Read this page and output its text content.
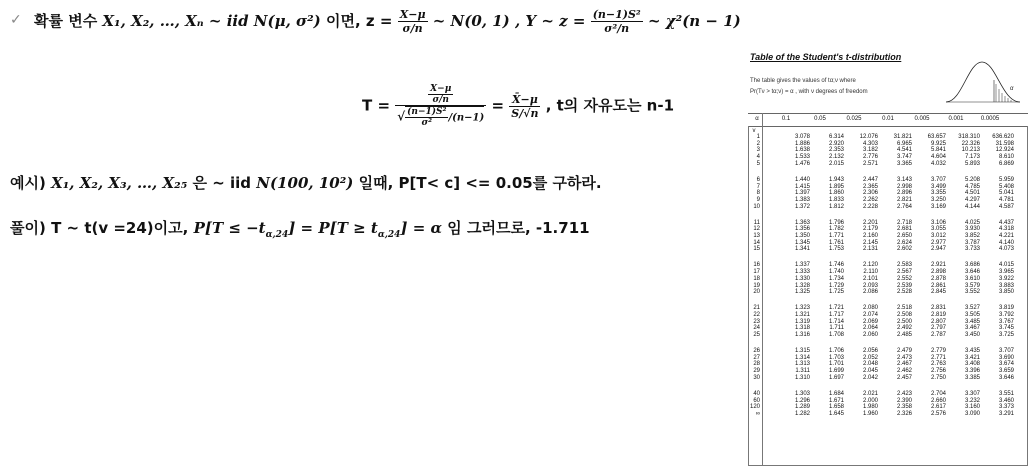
✓ 확률 변수 X₁, X₂, …, Xₙ ~ iid N(μ, σ²) 이면, $z = \frac{X-\mu}{\sigma/n}$ ~ N(0, 1) , Y ~ $z = \frac{\text{(n−1)S²}}{\text{σ²/n}}$ ~ χ²(n − 1)
$T = \frac{\frac{X-\mu}{\sigma/n}}{√ \frac{\text{(n−1)S²}}{\text{σ²}} /(n-1)} = \frac{X̄-\mu}{S/√n}$ , t의 자유도는 n-1
예시) X₁, X₂, X₃, …, X₂₅ 은 ~ iid N(100, 10²) 일때, P[T< c] <= 0.05를 구하라.
풀이) T ~ t(v =24)이고, $P[T \le -t_{\alpha,24}] = P[T \ge t_{\alpha,24}] = \alpha$ 임 그러므로, -1.711
Table of the Student's t-distribution
The table gives the values of tα;ν where
Pr(Tν > tα;ν) = α , with ν degrees of freedom	α
α	0.1	0.05	0.025	0.01	0.005	0.001	0.0005
v
1	3.078	6.314	12.076	31.821	63.657	318.310	636.620
2	1.886	2.920	4.303	6.965	9.925	22.326	31.598
3	1.638	2.353	3.182	4.541	5.841	10.213	12.924
4	1.533	2.132	2.776	3.747	4.604	7.173	8.610
5	1.476	2.015	2.571	3.365	4.032	5.893	6.869
6	1.440	1.943	2.447	3.143	3.707	5.208	5.959
7	1.415	1.895	2.365	2.998	3.499	4.785	5.408
8	1.397	1.860	2.306	2.896	3.355	4.501	5.041
9	1.383	1.833	2.262	2.821	3.250	4.297	4.781
10	1.372	1.812	2.228	2.764	3.169	4.144	4.587
11	1.363	1.796	2.201	2.718	3.106	4.025	4.437
12	1.356	1.782	2.179	2.681	3.055	3.930	4.318
13	1.350	1.771	2.160	2.650	3.012	3.852	4.221
14	1.345	1.761	2.145	2.624	2.977	3.787	4.140
15	1.341	1.753	2.131	2.602	2.947	3.733	4.073
16	1.337	1.746	2.120	2.583	2.921	3.686	4.015
17	1.333	1.740	2.110	2.567	2.898	3.646	3.965
18	1.330	1.734	2.101	2.552	2.878	3.610	3.922
19	1.328	1.729	2.093	2.539	2.861	3.579	3.883
20	1.325	1.725	2.086	2.528	2.845	3.552	3.850
21	1.323	1.721	2.080	2.518	2.831	3.527	3.819
22	1.321	1.717	2.074	2.508	2.819	3.505	3.792
23	1.319	1.714	2.069	2.500	2.807	3.485	3.767
24	1.318	1.711	2.064	2.492	2.797	3.467	3.745
25	1.316	1.708	2.060	2.485	2.787	3.450	3.725
26	1.315	1.706	2.056	2.479	2.779	3.435	3.707
27	1.314	1.703	2.052	2.473	2.771	3.421	3.690
28	1.313	1.701	2.048	2.467	2.763	3.408	3.674
29	1.311	1.699	2.045	2.462	2.756	3.396	3.659
30	1.310	1.697	2.042	2.457	2.750	3.385	3.646
40	1.303	1.684	2.021	2.423	2.704	3.307	3.551
60	1.296	1.671	2.000	2.390	2.660	3.232	3.460
120	1.289	1.658	1.980	2.358	2.617	3.160	3.373
∞	1.282	1.645	1.960	2.326	2.576	3.090	3.291
